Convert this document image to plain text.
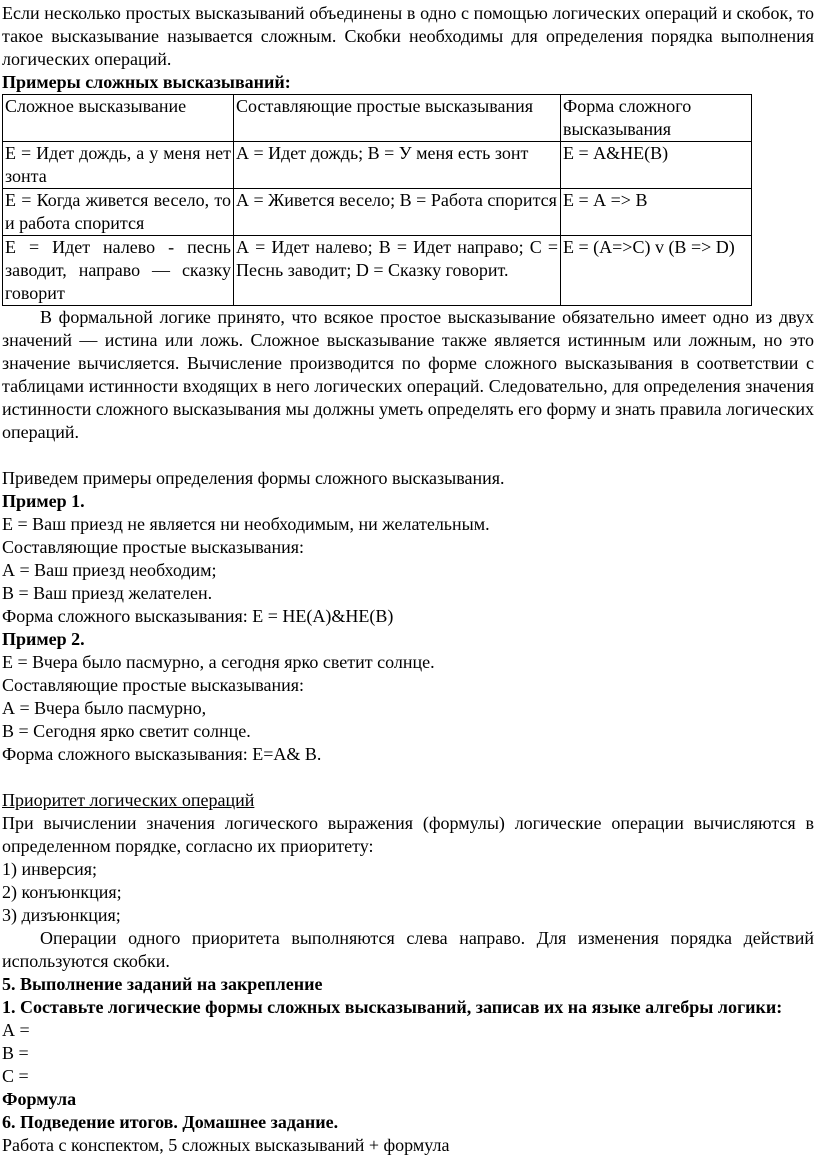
Если несколько простых высказываний объединены в одно с помощью логических операций и скобок, то такое высказывание называется сложным. Скобки необходимы для определения порядка выполнения логических операций.

Примеры сложных высказываний:

Сложное высказывание	Составляющие простые высказывания	Форма сложного высказывания
Е = Идет дождь, а у меня нет зонта	А = Идет дождь; В = У меня есть зонт	Е = А&НЕ(В)
Е = Когда живется весело, то и работа спорится	А = Живется весело; В = Работа спорится	Е = А => В
Е = Идет налево - песнь заводит, направо — сказку говорит	А = Идет налево; В = Идет направо; С = Песнь заводит; D = Сказку говорит.	Е = (А=>С) v (В => D)

В формальной логике принято, что всякое простое высказывание обязательно имеет одно из двух значений — истина или ложь. Сложное высказывание также является истинным или ложным, но это значение вычисляется. Вычисление производится по форме сложного высказывания в соответствии с таблицами истинности входящих в него логических операций. Следовательно, для определения значения истинности сложного высказывания мы должны уметь определять его форму и знать правила логических операций.

Приведем примеры определения формы сложного высказывания.

Пример 1.

Е = Ваш приезд не является ни необходимым, ни желательным.

Составляющие простые высказывания:

А = Ваш приезд необходим;

В = Ваш приезд желателен.

Форма сложного высказывания: Е = НЕ(А)&НЕ(В)

Пример 2.

Е = Вчера было пасмурно, а сегодня ярко светит солнце.

Составляющие простые высказывания:

А = Вчера было пасмурно,

В = Сегодня ярко светит солнце.

Форма сложного высказывания: Е=А& В.

Приоритет логических операций

При вычислении значения логического выражения (формулы) логические операции вычисляются в определенном порядке, согласно их приоритету:

1) инверсия;

2) конъюнкция;

3) дизъюнкция;

Операции одного приоритета выполняются слева направо. Для изменения порядка действий используются скобки.

5. Выполнение заданий на закрепление

1. Составьте логические формы сложных высказываний, записав их на языке алгебры логики:

А =

В =

С =

Формула

6. Подведение итогов. Домашнее задание.

Работа с конспектом, 5 сложных высказываний + формула
